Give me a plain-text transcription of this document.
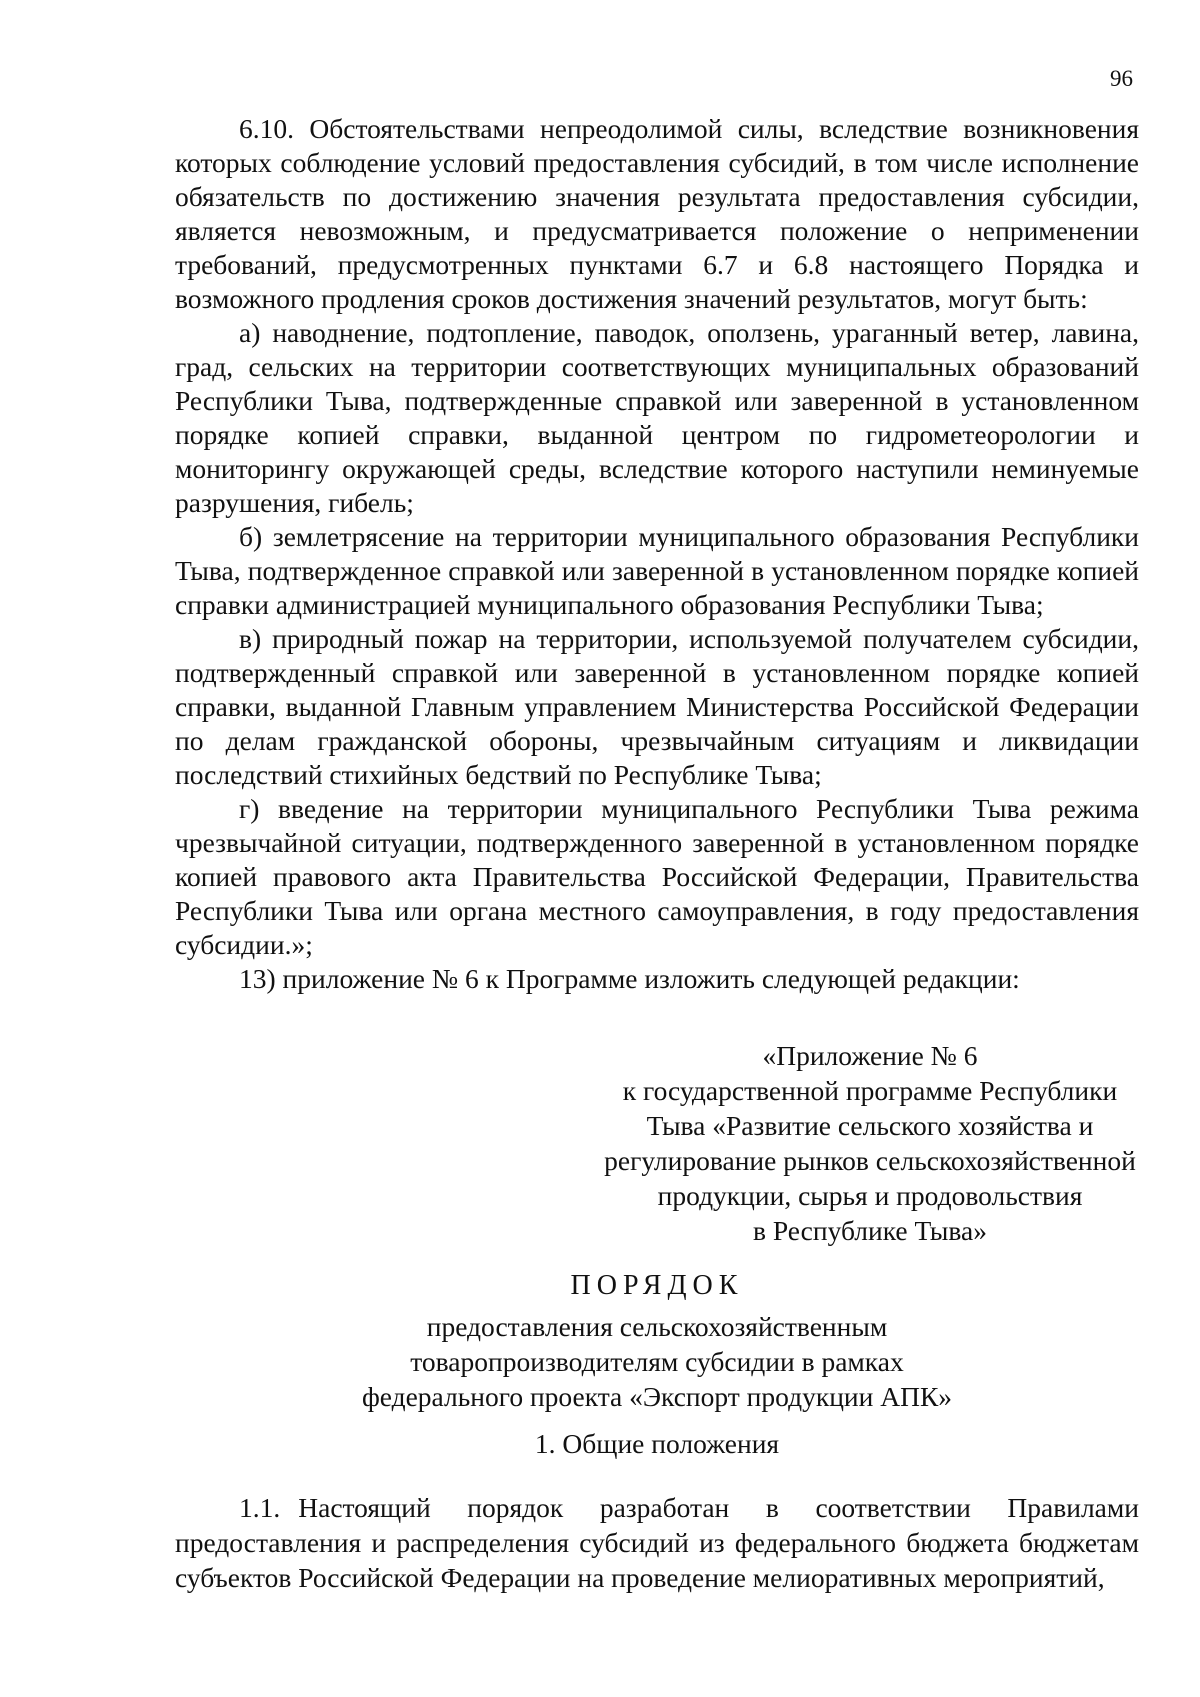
96

6.10. Обстоятельствами непреодолимой силы, вследствие возникновения которых соблюдение условий предоставления субсидий, в том числе исполнение обязательств по достижению значения результата предоставления субсидии, является невозможным, и предусматривается положение о неприменении требований, предусмотренных пунктами 6.7 и 6.8 настоящего Порядка и возможного продления сроков достижения значений результатов, могут быть:

а) наводнение, подтопление, паводок, оползень, ураганный ветер, лавина, град, сельских на территории соответствующих муниципальных образований Республики Тыва, подтвержденные справкой или заверенной в установленном порядке копией справки, выданной центром по гидрометеорологии и мониторингу окружающей среды, вследствие которого наступили неминуемые разрушения, гибель;

б) землетрясение на территории муниципального образования Республики Тыва, подтвержденное справкой или заверенной в установленном порядке копией справки администрацией муниципального образования Республики Тыва;

в) природный пожар на территории, используемой получателем субсидии, подтвержденный справкой или заверенной в установленном порядке копией справки, выданной Главным управлением Министерства Российской Федерации по делам гражданской обороны, чрезвычайным ситуациям и ликвидации последствий стихийных бедствий по Республике Тыва;

г) введение на территории муниципального Республики Тыва режима чрезвычайной ситуации, подтвержденного заверенной в установленном порядке копией правового акта Правительства Российской Федерации, Правительства Республики Тыва или органа местного самоуправления, в году предоставления субсидии.»;

13) приложение № 6 к Программе изложить следующей редакции:

«Приложение № 6
к государственной программе Республики
Тыва «Развитие сельского хозяйства и
регулирование рынков сельскохозяйственной
продукции, сырья и продовольствия
в Республике Тыва»
ПОРЯДОК
предоставления сельскохозяйственным
товаропроизводителям субсидии в рамках
федерального проекта «Экспорт продукции АПК»
1. Общие положения

1.1. Настоящий порядок разработан в соответствии Правилами предоставления и распределения субсидий из федерального бюджета бюджетам субъектов Российской Федерации на проведение мелиоративных мероприятий,
